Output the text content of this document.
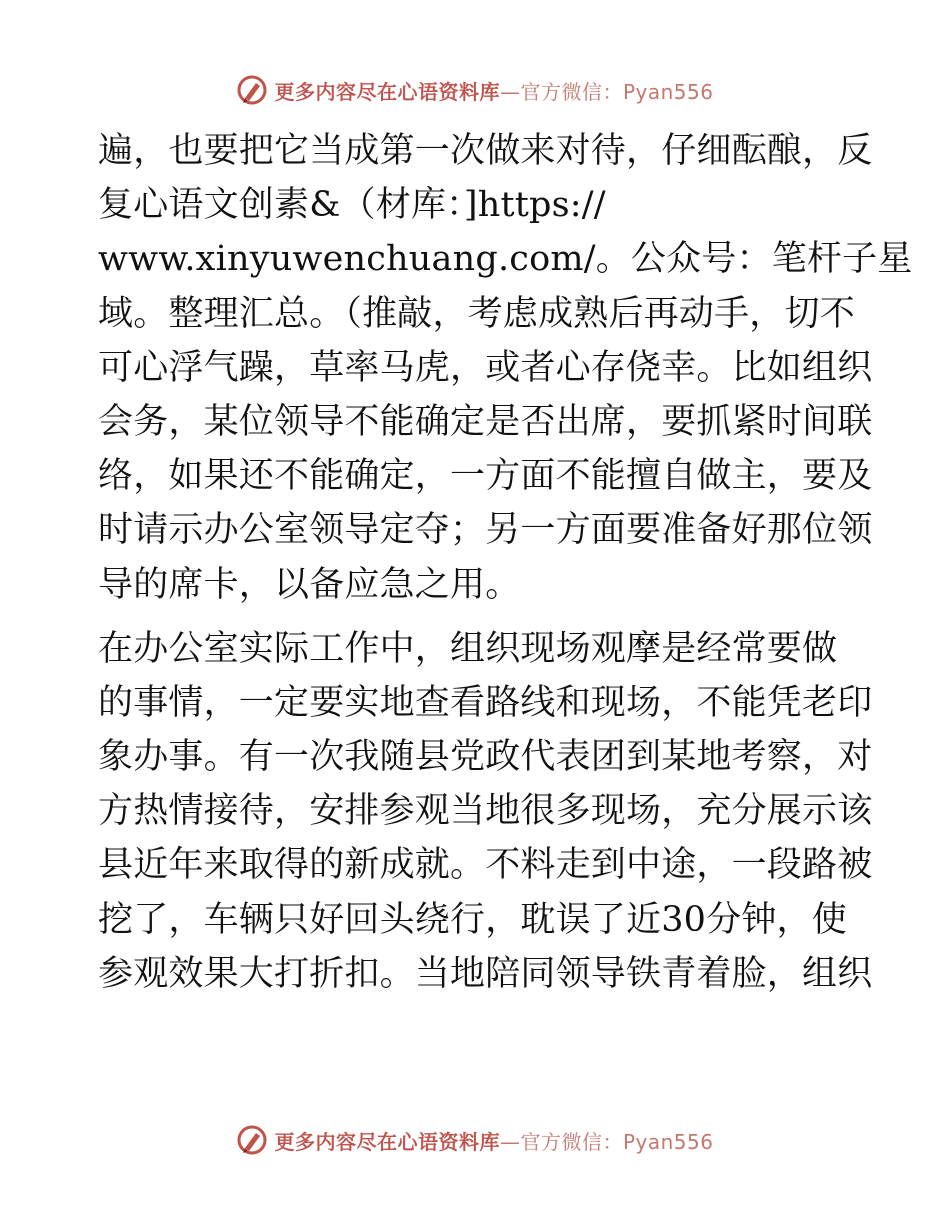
更多内容尽在心语资料库—官方微信：Pyan556
遍，也要把它当成第一次做来对待，仔细酝酿，反
复心语文创素&（材库：]https://
www.xinyuwenchuang.com/。公众号：笔杆子星
域。整理汇总。（推敲，考虑成熟后再动手，切不
可心浮气躁，草率马虎，或者心存侥幸。比如组织
会务，某位领导不能确定是否出席，要抓紧时间联
络，如果还不能确定，一方面不能擅自做主，要及
时请示办公室领导定夺；另一方面要准备好那位领
导的席卡，以备应急之用。
在办公室实际工作中，组织现场观摩是经常要做
的事情，一定要实地查看路线和现场，不能凭老印
象办事。有一次我随县党政代表团到某地考察，对
方热情接待，安排参观当地很多现场，充分展示该
县近年来取得的新成就。不料走到中途，一段路被
挖了，车辆只好回头绕行，耽误了近30分钟，使
参观效果大打折扣。当地陪同领导铁青着脸，组织
更多内容尽在心语资料库—官方微信：Pyan556
